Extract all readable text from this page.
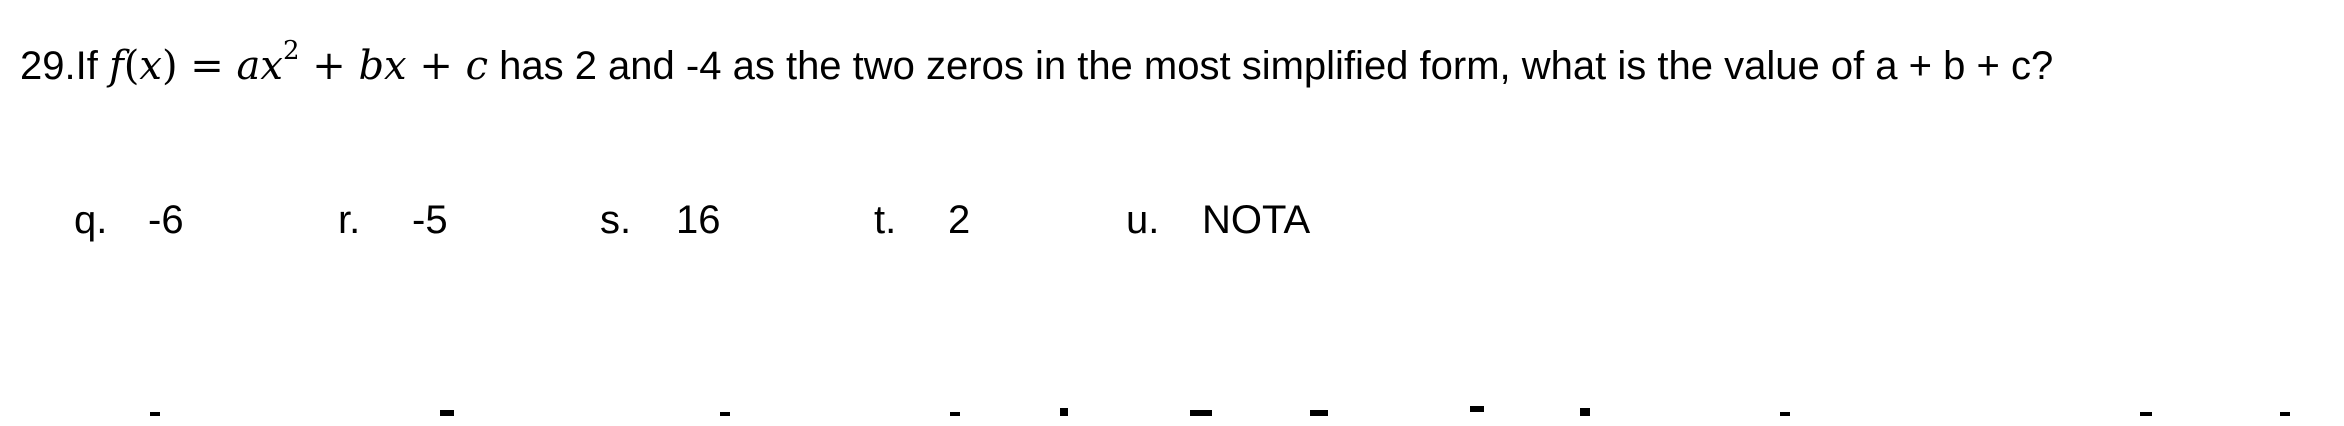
29.If $f(x) = ax^2$ + bx + c has 2 and -4 as the two zeros in the most simplified form, what is the value of a + b + c?
q. -6	r. -5	s. 16	t. 2	u. NOTA
